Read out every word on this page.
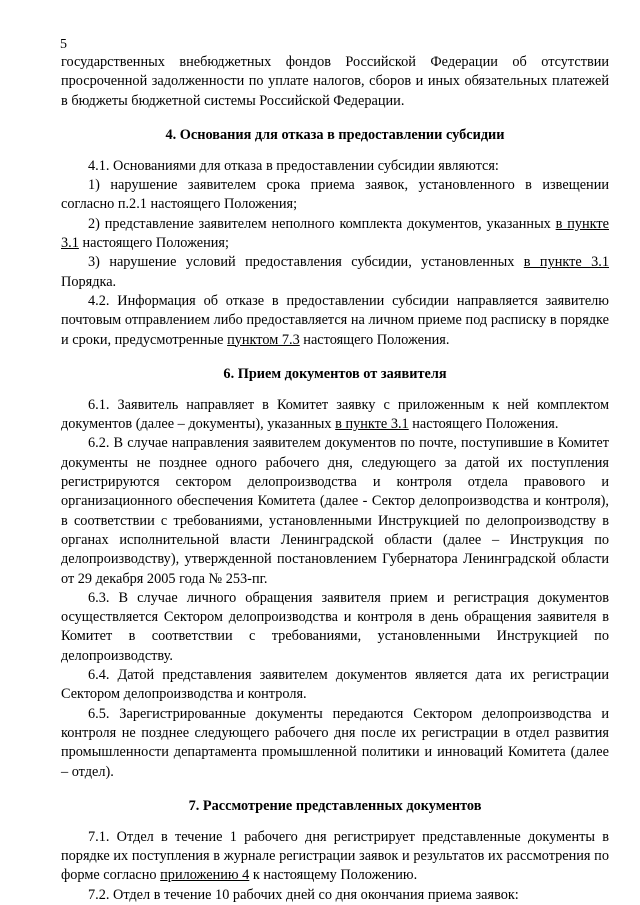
5

государственных внебюджетных фондов Российской Федерации об отсутствии просроченной задолженности по уплате налогов, сборов и иных обязательных платежей в бюджеты бюджетной системы Российской Федерации.

4. Основания для отказа в предоставлении субсидии

4.1. Основаниями для отказа в предоставлении субсидии являются:

1) нарушение заявителем срока приема заявок, установленного в извещении согласно п.2.1 настоящего Положения;

2) представление заявителем неполного комплекта документов, указанных в пункте 3.1 настоящего Положения;

3) нарушение условий предоставления субсидии, установленных в пункте 3.1 Порядка.

4.2. Информация об отказе в предоставлении субсидии направляется заявителю почтовым отправлением либо предоставляется на личном приеме под расписку в порядке и сроки, предусмотренные пунктом 7.3 настоящего Положения.

6. Прием документов от заявителя

6.1. Заявитель направляет в Комитет заявку с приложенным к ней комплектом документов (далее – документы), указанных в пункте 3.1 настоящего Положения.

6.2. В случае направления заявителем документов по почте, поступившие в Комитет документы не позднее одного рабочего дня, следующего за датой их поступления регистрируются сектором делопроизводства и контроля отдела правового и организационного обеспечения Комитета (далее - Сектор делопроизводства и контроля), в соответствии с требованиями, установленными Инструкцией по делопроизводству в органах исполнительной власти Ленинградской области (далее – Инструкция по делопроизводству), утвержденной постановлением Губернатора Ленинградской области от 29 декабря 2005 года № 253-пг.

6.3. В случае личного обращения заявителя прием и регистрация документов осуществляется Сектором делопроизводства и контроля в день обращения заявителя в Комитет в соответствии с требованиями, установленными Инструкцией по делопроизводству.

6.4. Датой представления заявителем документов является дата их регистрации Сектором делопроизводства и контроля.

6.5. Зарегистрированные документы передаются Сектором делопроизводства и контроля не позднее следующего рабочего дня после их регистрации в отдел развития промышленности департамента промышленной политики и инноваций Комитета (далее – отдел).

7. Рассмотрение представленных документов

7.1. Отдел в течение 1 рабочего дня регистрирует представленные документы в порядке их поступления в журнале регистрации заявок и результатов их рассмотрения по форме согласно приложению 4 к настоящему Положению.

7.2. Отдел в течение 10 рабочих дней со дня окончания приема заявок:
